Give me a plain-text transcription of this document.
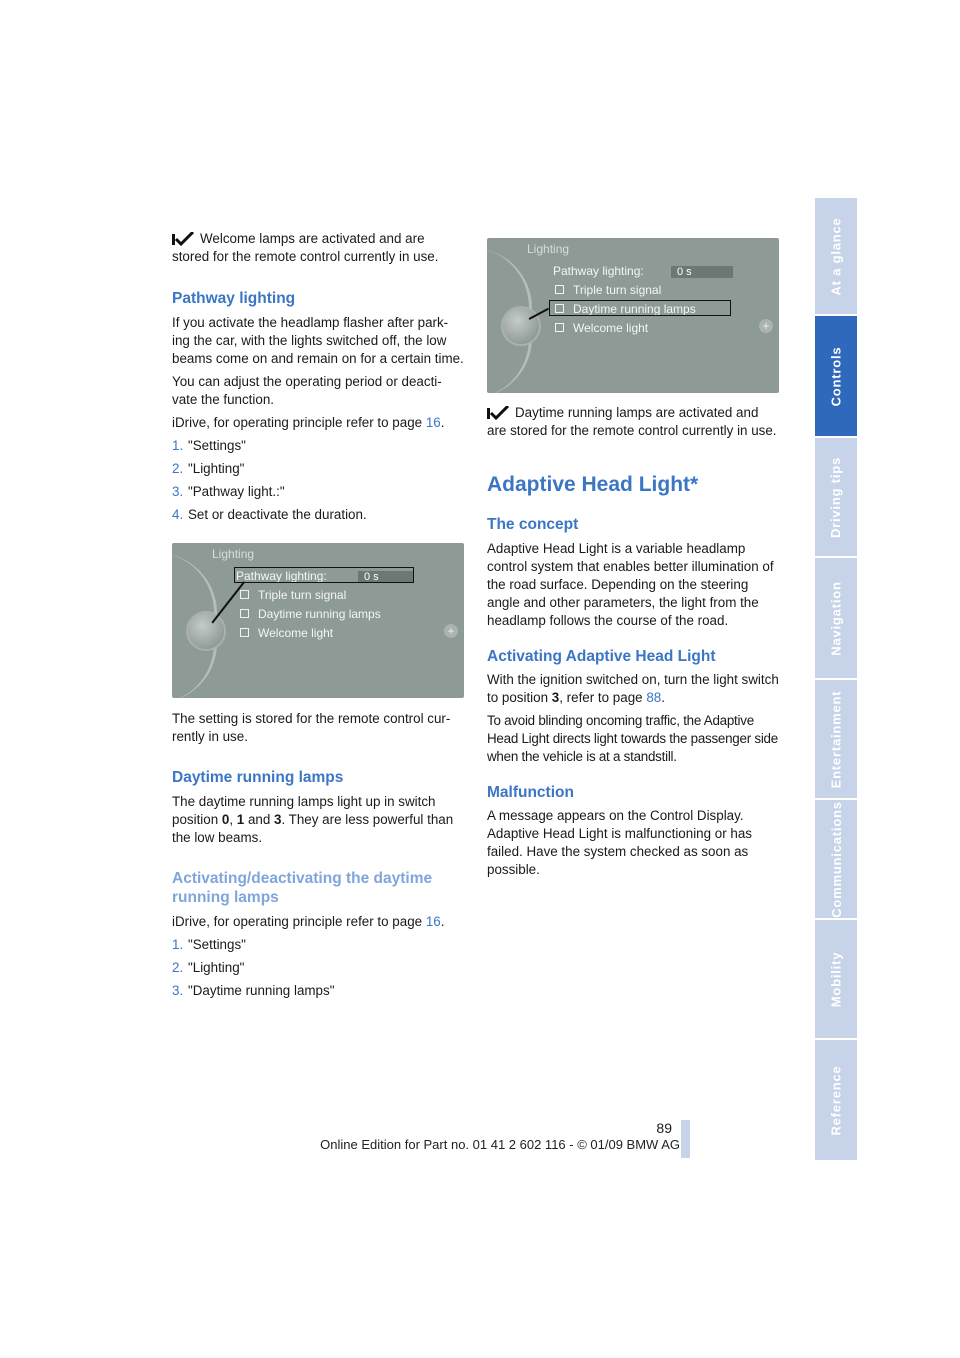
At a glance
Controls
Driving tips
Navigation
Entertainment
Communications
Mobility
Reference

Welcome lamps are activated and are stored for the remote control currently in use.

Pathway lighting

If you activate the headlamp flasher after park-ing the car, with the lights switched off, the low beams come on and remain on for a certain time.

You can adjust the operating period or deacti-vate the function.

iDrive, for operating principle refer to page 16.

1. "Settings"
2. "Lighting"
3. "Pathway light.:"
4. Set or deactivate the duration.
Lighting
Pathway lighting:	0 s
Triple turn signal
Daytime running lamps
Welcome light	+

The setting is stored for the remote control cur-rently in use.

Daytime running lamps

The daytime running lamps light up in switch position 0, 1 and 3. They are less powerful than the low beams.

Activating/deactivating the daytime running lamps

iDrive, for operating principle refer to page 16.

1. "Settings"
2. "Lighting"
3. "Daytime running lamps"
Lighting
Pathway lighting:	0 s
Triple turn signal
Daytime running lamps
Welcome light	+

Daytime running lamps are activated and are stored for the remote control currently in use.

Adaptive Head Light*
The concept

Adaptive Head Light is a variable headlamp control system that enables better illumination of the road surface. Depending on the steering angle and other parameters, the light from the headlamp follows the course of the road.

Activating Adaptive Head Light

With the ignition switched on, turn the light switch to position 3, refer to page 88.

To avoid blinding oncoming traffic, the Adaptive Head Light directs light towards the passenger side when the vehicle is at a standstill.

Malfunction

A message appears on the Control Display. Adaptive Head Light is malfunctioning or has failed. Have the system checked as soon as possible.

89
Online Edition for Part no. 01 41 2 602 116 - © 01/09 BMW AG
